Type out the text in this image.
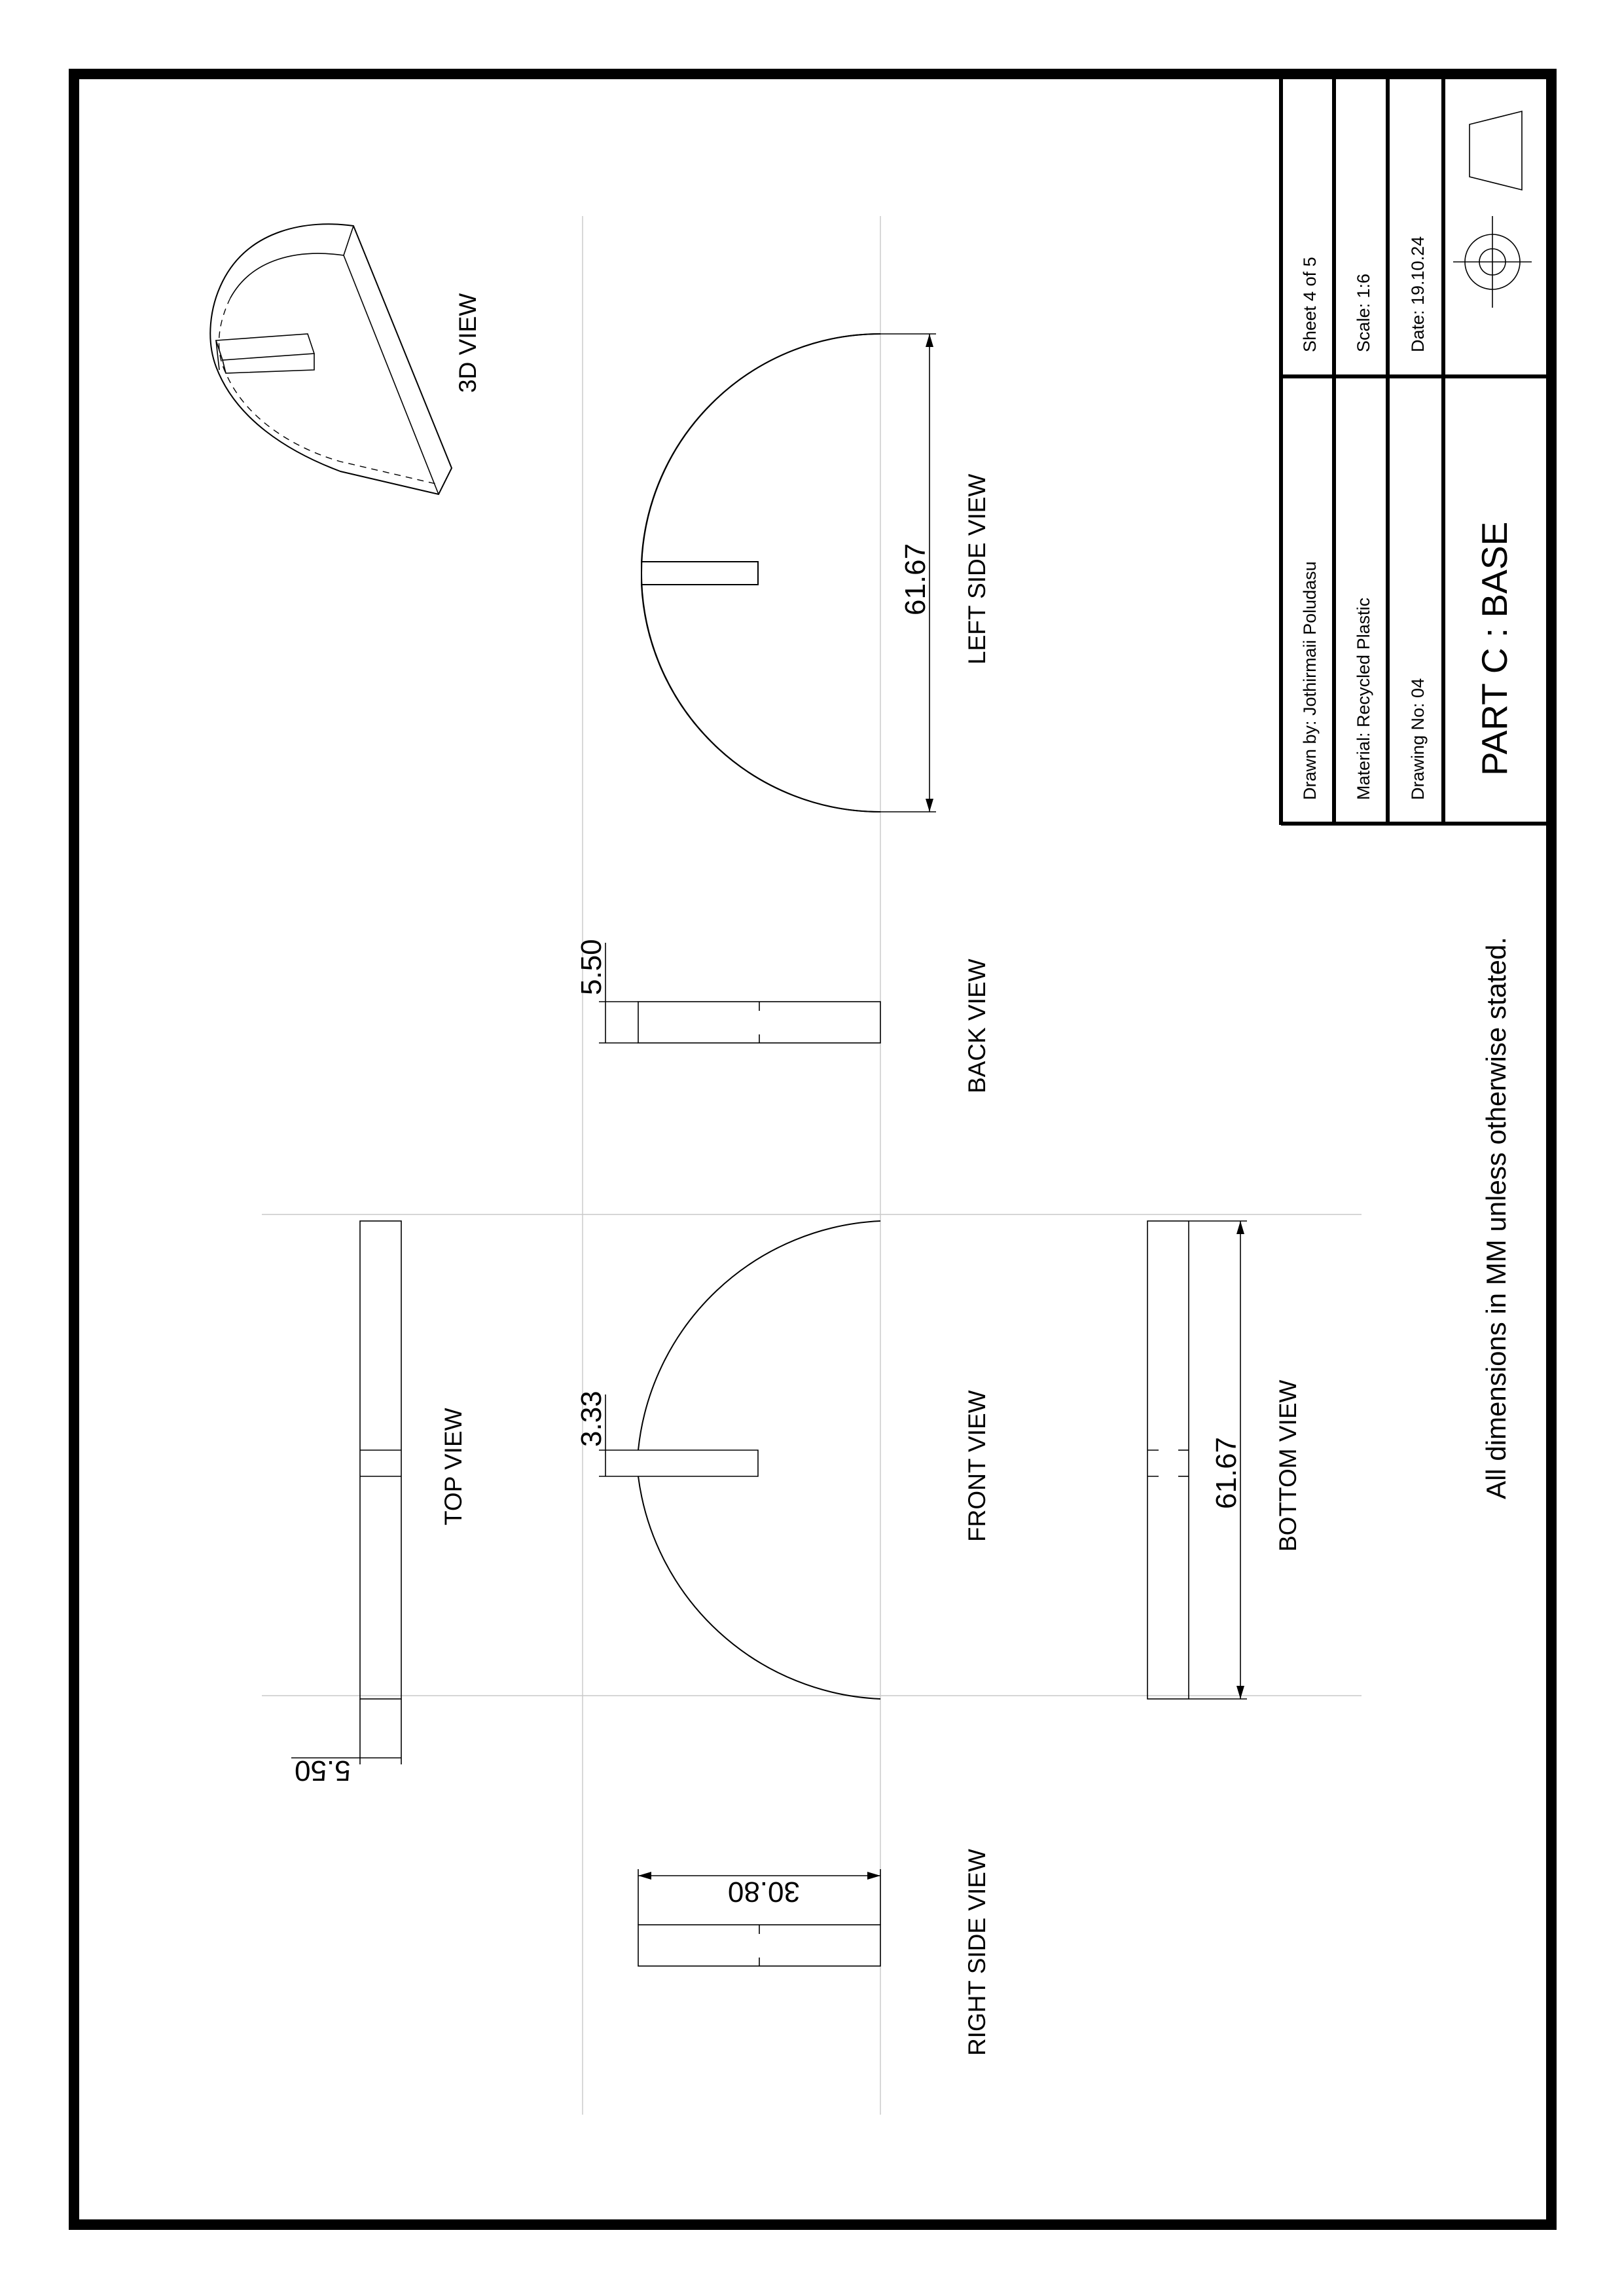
Drawn by: Jothirmaii Poludasu Material: Recycled Plastic Drawing No: 04 PART C : BASE
Sheet 4 of 5 Scale: 1:6 Date: 19.10.24
3D VIEW
61.67 LEFT SIDE VIEW
5.50	BACK VIEW
3.33	FRONT VIEW
5.50
TOP VIEW	61.67 BOTTOM VIEW
30.80	RIGHT SIDE VIEW
All dimensions in MM unless otherwise stated.
